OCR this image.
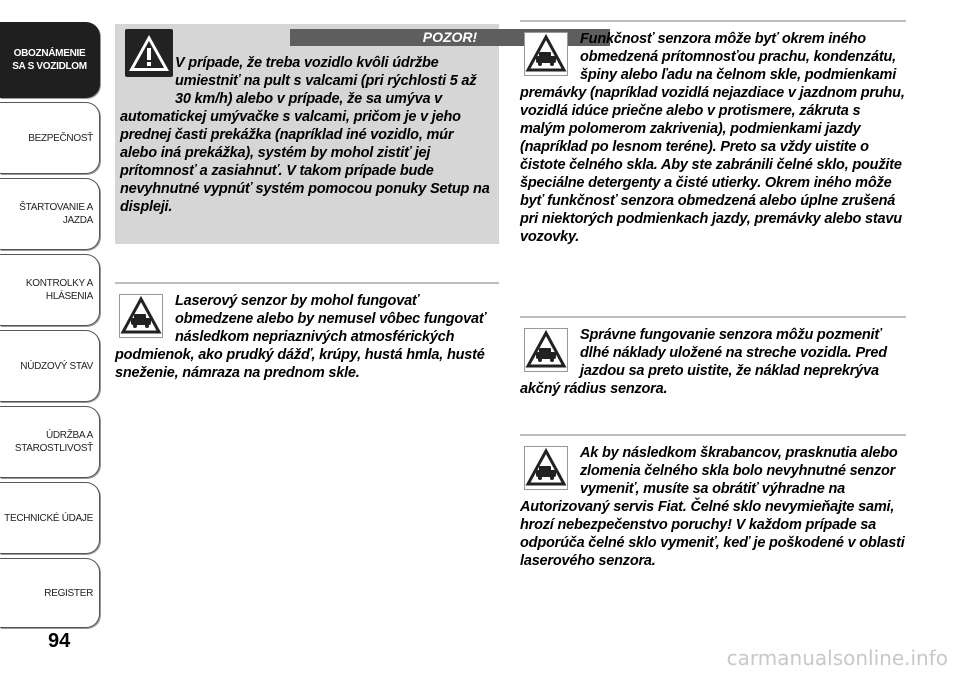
OBOZNÁMENIE
SA S VOZIDLOM
BEZPEČNOSŤ
ŠTARTOVANIE A
JAZDA
KONTROLKY A
HLÁSENIA
NÚDZOVÝ STAV
ÚDRŽBA A
STAROSTLIVOSŤ
TECHNICKÉ ÚDAJE
REGISTER
94
POZOR!
V prípade, že treba vozidlo kvôli údržbe umiestniť na pult s valcami (pri rýchlosti 5 až 30 km/h) alebo v prípade, že sa umýva v automatickej umývačke s valcami, pričom je v jeho prednej časti prekážka (napríklad iné vozidlo, múr alebo iná prekážka), systém by mohol zistiť jej prítomnosť a zasiahnuť. V takom prípade bude nevyhnutné vypnúť systém pomocou ponuky Setup na displeji.
Laserový senzor by mohol fungovať obmedzene alebo by nemusel vôbec fungovať následkom nepriaznivých atmosférických podmienok, ako prudký dážď, krúpy, hustá hmla, husté sneženie, námraza na prednom skle.
Funkčnosť senzora môže byť okrem iného obmedzená prítomnosťou prachu, kondenzátu, špiny alebo ľadu na čelnom skle, podmienkami premávky (napríklad vozidlá nejazdiace v jazdnom pruhu, vozidlá idúce priečne alebo v protismere, zákruta s malým polomerom zakrivenia), podmienkami jazdy (napríklad po lesnom teréne). Preto sa vždy uistite o čistote čelného skla. Aby ste zabránili čelné sklo, použite špeciálne detergenty a čisté utierky. Okrem iného môže byť funkčnosť senzora obmedzená alebo úplne zrušená pri niektorých podmienkach jazdy, premávky alebo stavu vozovky.
Správne fungovanie senzora môžu pozmeniť dlhé náklady uložené na streche vozidla. Pred jazdou sa preto uistite, že náklad neprekrýva akčný rádius senzora.
Ak by následkom škrabancov, prasknutia alebo zlomenia čelného skla bolo nevyhnutné senzor vymeniť, musíte sa obrátiť výhradne na Autorizovaný servis Fiat. Čelné sklo nevymieňajte sami, hrozí nebezpečenstvo poruchy! V každom prípade sa odporúča čelné sklo vymeniť, keď je poškodené v oblasti laserového senzora.
carmanualsonline.info
